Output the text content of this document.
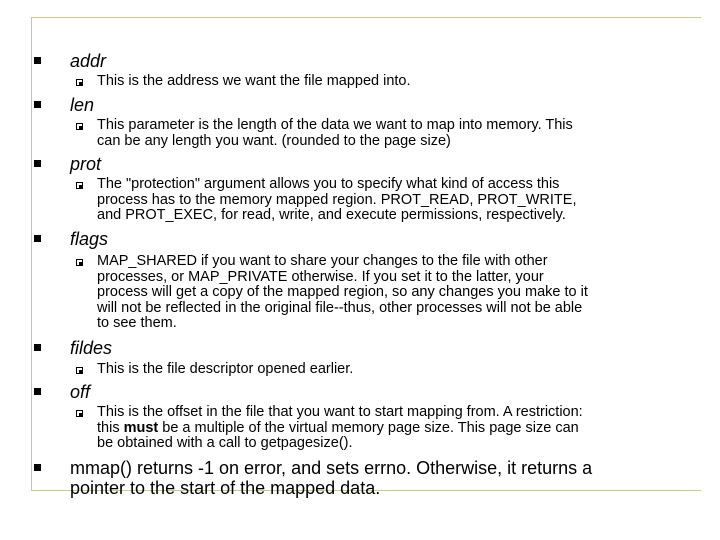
addr
This is the address we want the file mapped into.
len
This parameter is the length of the data we want to map into memory. This
can be any length you want. (rounded to the page size)
prot
The "protection" argument allows you to specify what kind of access this
process has to the memory mapped region. PROT_READ, PROT_WRITE,
and PROT_EXEC, for read, write, and execute permissions, respectively.
flags
MAP_SHARED if you want to share your changes to the file with other
processes, or MAP_PRIVATE otherwise. If you set it to the latter, your
process will get a copy of the mapped region, so any changes you make to it
will not be reflected in the original file--thus, other processes will not be able
to see them.
fildes
This is the file descriptor opened earlier.
off
This is the offset in the file that you want to start mapping from. A restriction:
this must be a multiple of the virtual memory page size. This page size can
be obtained with a call to getpagesize().
mmap() returns -1 on error, and sets errno. Otherwise, it returns a
pointer to the start of the mapped data.
